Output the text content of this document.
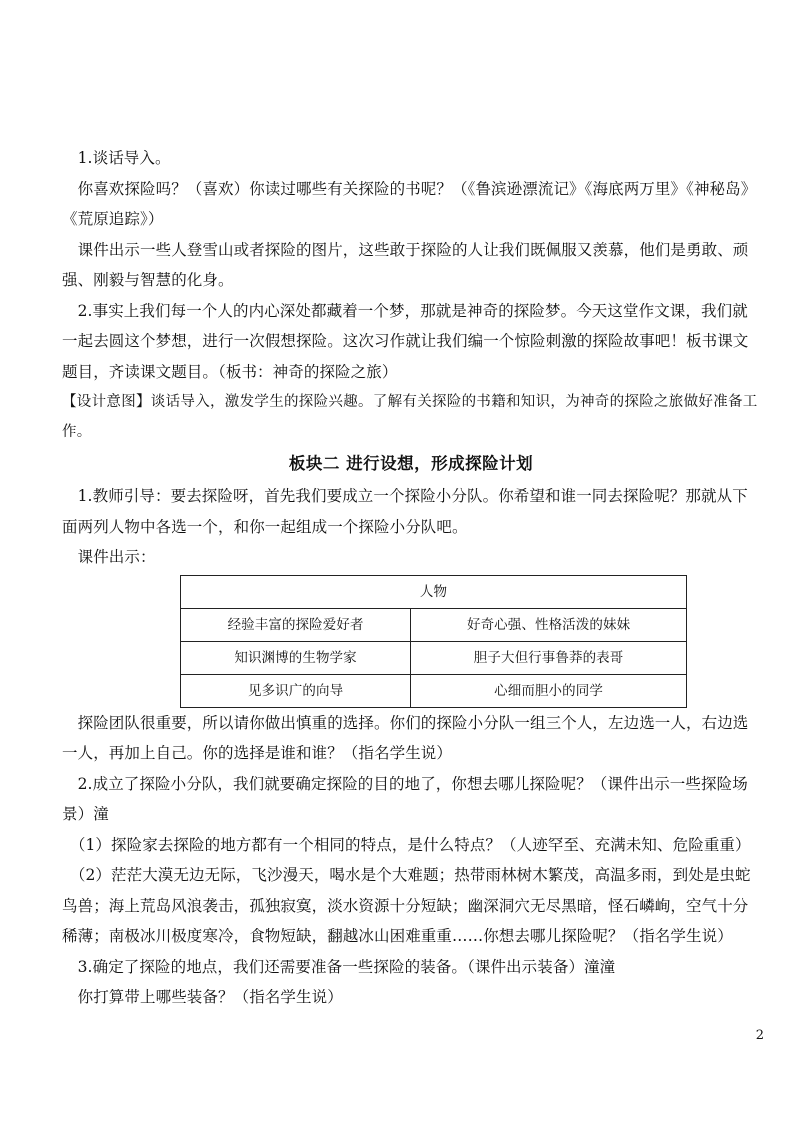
　1.谈话导入。

　你喜欢探险吗？（喜欢）你读过哪些有关探险的书呢？（《鲁滨逊漂流记》《海底两万里》《神秘岛》《荒原追踪》）

　课件出示一些人登雪山或者探险的图片，这些敢于探险的人让我们既佩服又羡慕，他们是勇敢、顽强、刚毅与智慧的化身。

　2.事实上我们每一个人的内心深处都藏着一个梦，那就是神奇的探险梦。今天这堂作文课，我们就一起去圆这个梦想，进行一次假想探险。这次习作就让我们编一个惊险刺激的探险故事吧！板书课文题目，齐读课文题目。（板书：神奇的探险之旅）

【设计意图】谈话导入，激发学生的探险兴趣。了解有关探险的书籍和知识，为神奇的探险之旅做好准备工作。

板块二 进行设想，形成探险计划

　1.教师引导：要去探险呀，首先我们要成立一个探险小分队。你希望和谁一同去探险呢？那就从下面两列人物中各选一个，和你一起组成一个探险小分队吧。

　课件出示：

人物	
经验丰富的探险爱好者	好奇心强、性格活泼的妹妹
知识渊博的生物学家	胆子大但行事鲁莽的表哥
见多识广的向导	心细而胆小的同学

　探险团队很重要，所以请你做出慎重的选择。你们的探险小分队一组三个人，左边选一人，右边选一人，再加上自己。你的选择是谁和谁？（指名学生说）

　2.成立了探险小分队，我们就要确定探险的目的地了，你想去哪儿探险呢？（课件出示一些探险场景）潼

　（1）探险家去探险的地方都有一个相同的特点，是什么特点？（人迹罕至、充满未知、危险重重）

　（2）茫茫大漠无边无际，飞沙漫天，喝水是个大难题；热带雨林树木繁茂，高温多雨，到处是虫蛇鸟兽；海上荒岛风浪袭击，孤独寂寞，淡水资源十分短缺；幽深洞穴无尽黑暗，怪石嶙峋，空气十分稀薄；南极冰川极度寒冷，食物短缺，翻越冰山困难重重……你想去哪儿探险呢？（指名学生说）

　3.确定了探险的地点，我们还需要准备一些探险的装备。（课件出示装备）潼潼

　你打算带上哪些装备？（指名学生说）

2
